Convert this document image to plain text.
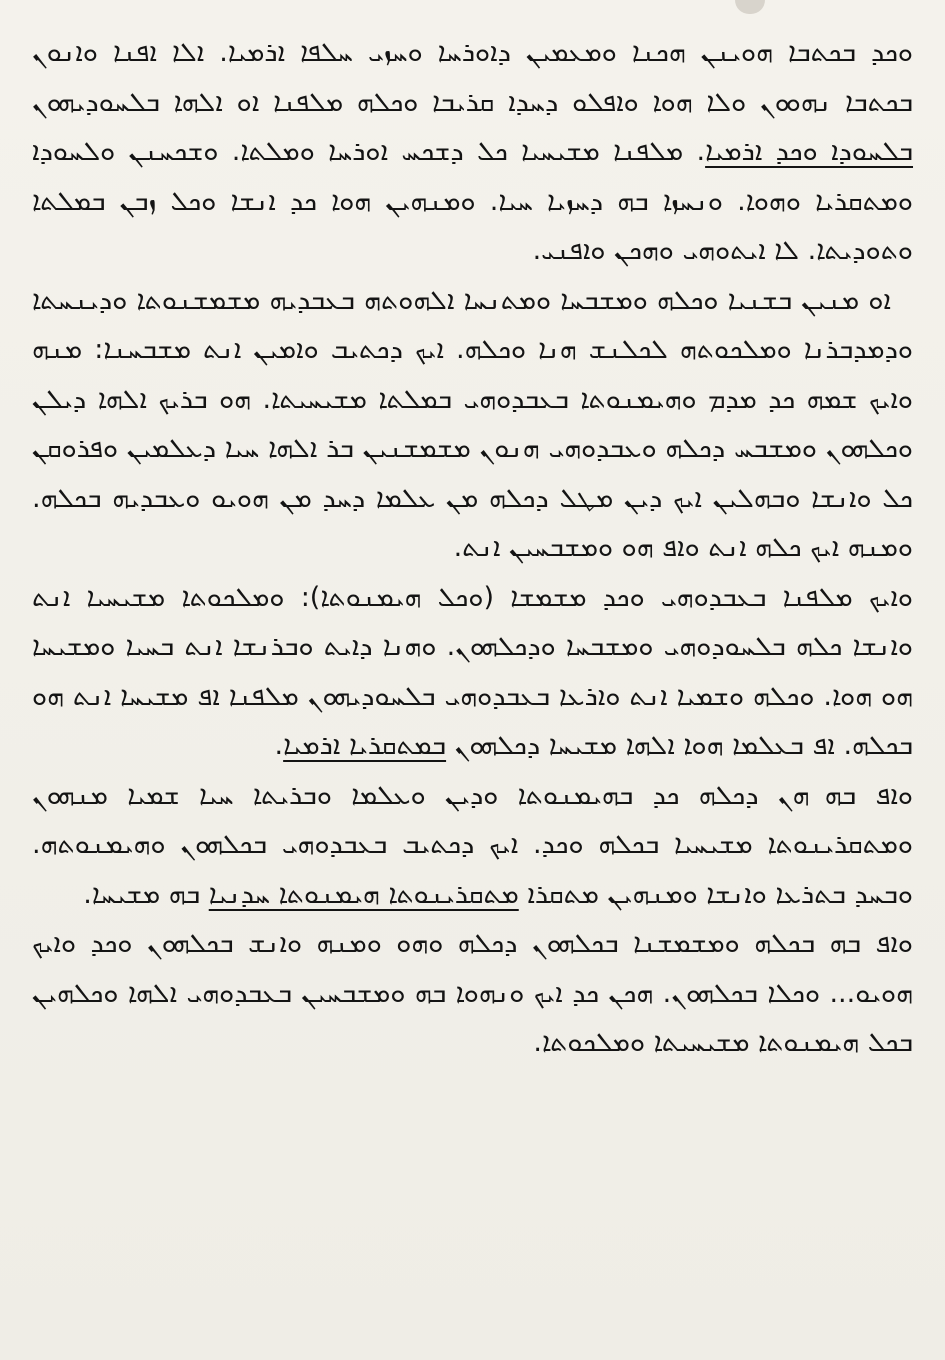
ܘܟܕ ܒܟܬܒܐ ܗܘܝܢܢ ܗܟܢܐ ܘܡܥܡܝܢ ܕܐܘܪܚܐ ܘܚܙܝ ܚܠܦܐ ܐܪܡܝܐ. ܐܠܐ ܐܦܢܐ ܘܐܢܘܢ ܒܟܬܒܐ ܢܗܘܘܢ ܘܠܐ ܗܘܐ ܘܐܦܠܘ ܕܚܕܐ ܩܪܝܒܐ ܘܟܠܗ ܡܠܦܢܐ ܐܘ ܐܠܗܐ ܒܠܚܘܕܝܗܘܢ ܒܠܚܘܕܐ ܘܟܕ ܐܪܡܝܐ. ܡܠܦܢܐ ܡܫܝܚܝܐ ܟܠ ܕܫܟܚ ܐܘܪܚܐ ܘܡܠܬܐ. ܘܫܟܚܢܢ ܘܠܚܘܕܐ ܘܡܬܩܪܝܐ ܘܗܘܐ. ܘܢܚܙܐ ܒܗ ܕܚܙܝܐ ܚܝܐ. ܘܡܢܗܝܢ ܗܘܐ ܟܕ ܐܢܫܐ ܘܟܠ ܙܒܢ ܒܡܠܬܐ ܘܬܘܕܝܬܐ. ܠܐ ܐܝܬܘܗܝ ܘܗܟܢ ܘܐܦܢܝ.

ܐܘ ܡܢܝܢ ܒܫܢܝܐ ܘܟܠܗ ܘܡܫܒܚܐ ܘܡܬܢܚܐ ܐܠܗܘܬܗ ܒܥܒܕܝܗ ܡܫܡܫܢܘܬܐ ܘܕܝܢܚܬܐ ܘܕܡܕܒܪܢܐ ܘܡܠܟܘܬܗ ܠܟܠܢܫ ܗܢܐ ܘܟܠܗ. ܐܝܟ ܕܟܬܝܒ ܘܐܡܝܢ ܐܢܬ ܡܫܒܚܢܐ: ܡܢܗ ܘܐܝܟ ܫܡܗ ܟܕ ܡܕܡ ܘܗܝܡܢܘܬܐ ܒܥܒܕܘܗܝ ܒܡܠܬܐ ܡܫܝܚܝܬܐ. ܗܘ ܒܪܝܟ ܐܠܗܐ ܕܝܠܢ ܘܟܠܗܘܢ ܘܡܫܒܚ ܕܟܠܗ ܘܥܒܕܘܗܝ ܗܢܘܢ ܡܫܡܫܢܝܢ ܒܪ ܐܠܗܐ ܚܝܐ ܕܥܠܡܝܢ ܘܦܪܘܩܢ ܟܠ ܘܐܢܫܐ ܘܒܗܠܝܢ ܐܝܟ ܕܝܢ ܡܛܠ ܕܟܠܗ ܡܢ ܥܠܡܐ ܕܚܕ ܡܢ ܗܘܝܘ ܘܥܒܕܝܗ ܒܟܠܗ. ܘܡܢܗ ܐܝܟ ܟܠܗ ܐܢܬ ܘܐܦ ܗܘ ܘܡܫܒܚܝܢ ܐܢܬ.

ܘܐܝܟ ܡܠܦܢܐ ܒܥܒܕܘܗܝ ܘܟܕ ܡܫܡܫܐ (ܘܟܠ ܗܝܡܢܘܬܐ): ܘܡܠܟܘܬܐ ܡܫܝܚܝܐ ܐܢܬ ܘܐܢܫܐ ܟܠܗ ܒܠܚܘܕܘܗܝ ܘܡܫܒܚܐ ܘܕܟܠܗܘܢ. ܘܗܢܐ ܕܐܝܬ ܘܒܪܢܫܐ ܐܢܬ ܒܚܝܐ ܘܡܫܝܚܐ ܗܘ ܗܘܐ. ܘܟܠܗ ܘܫܡܝܐ ܐܢܬ ܘܐܪܥܐ ܒܥܒܕܘܗܝ ܒܠܚܘܕܝܗܘܢ ܡܠܦܢܐ ܐܦ ܡܫܝܚܐ ܐܢܬ ܗܘ ܒܟܠܗ. ܐܦ ܒܥܠܡܐ ܗܘܐ ܐܠܗܐ ܡܫܝܚܐ ܕܟܠܗܘܢ ܒܡܬܩܪܝܐ ܐܪܡܝܐ.

ܘܐܦ ܒܗ ܗܢ ܕܟܠܗ ܟܕ ܒܗܝܡܢܘܬܐ ܘܕܝܢ ܘܥܠܡܐ ܘܒܪܝܬܐ ܚܝܐ ܫܡܝܐ ܡܢܗܘܢ ܘܡܬܩܪܝܢܘܬܐ ܡܫܝܚܝܐ ܒܟܠܗ ܘܟܕ. ܐܝܟ ܕܟܬܝܒ ܒܥܒܕܘܗܝ ܒܟܠܗܘܢ ܘܗܝܡܢܘܬܗ. ܘܒܚܕ ܒܬܪܥܐ ܘܐܢܫܐ ܘܡܢܗܝܢ ܡܬܩܪܐ ܡܬܩܪܝܢܘܬܐ ܗܝܡܢܘܬܐ ܚܕܢܝܐ ܒܗ ܡܫܝܚܐ.

ܘܐܦ ܒܗ ܒܟܠܗ ܘܡܫܡܫܢܐ ܒܟܠܗܘܢ ܕܟܠܗ ܘܗܘ ܘܡܢܗ ܘܐܢܫ ܒܟܠܗܘܢ ܘܟܕ ܘܐܝܟ ܗܘܝܘ... ܘܟܠܐ ܒܟܠܗܘܢ. ܗܟܢ ܟܕ ܐܝܟ ܘܢܗܘܐ ܒܗ ܘܡܫܒܚܝܢ ܒܥܒܕܘܗܝ ܐܠܗܐ ܘܟܠܗܝܢ ܒܟܠ ܗܝܡܢܘܬܐ ܡܫܝܚܝܬܐ ܘܡܠܟܘܬܐ.
